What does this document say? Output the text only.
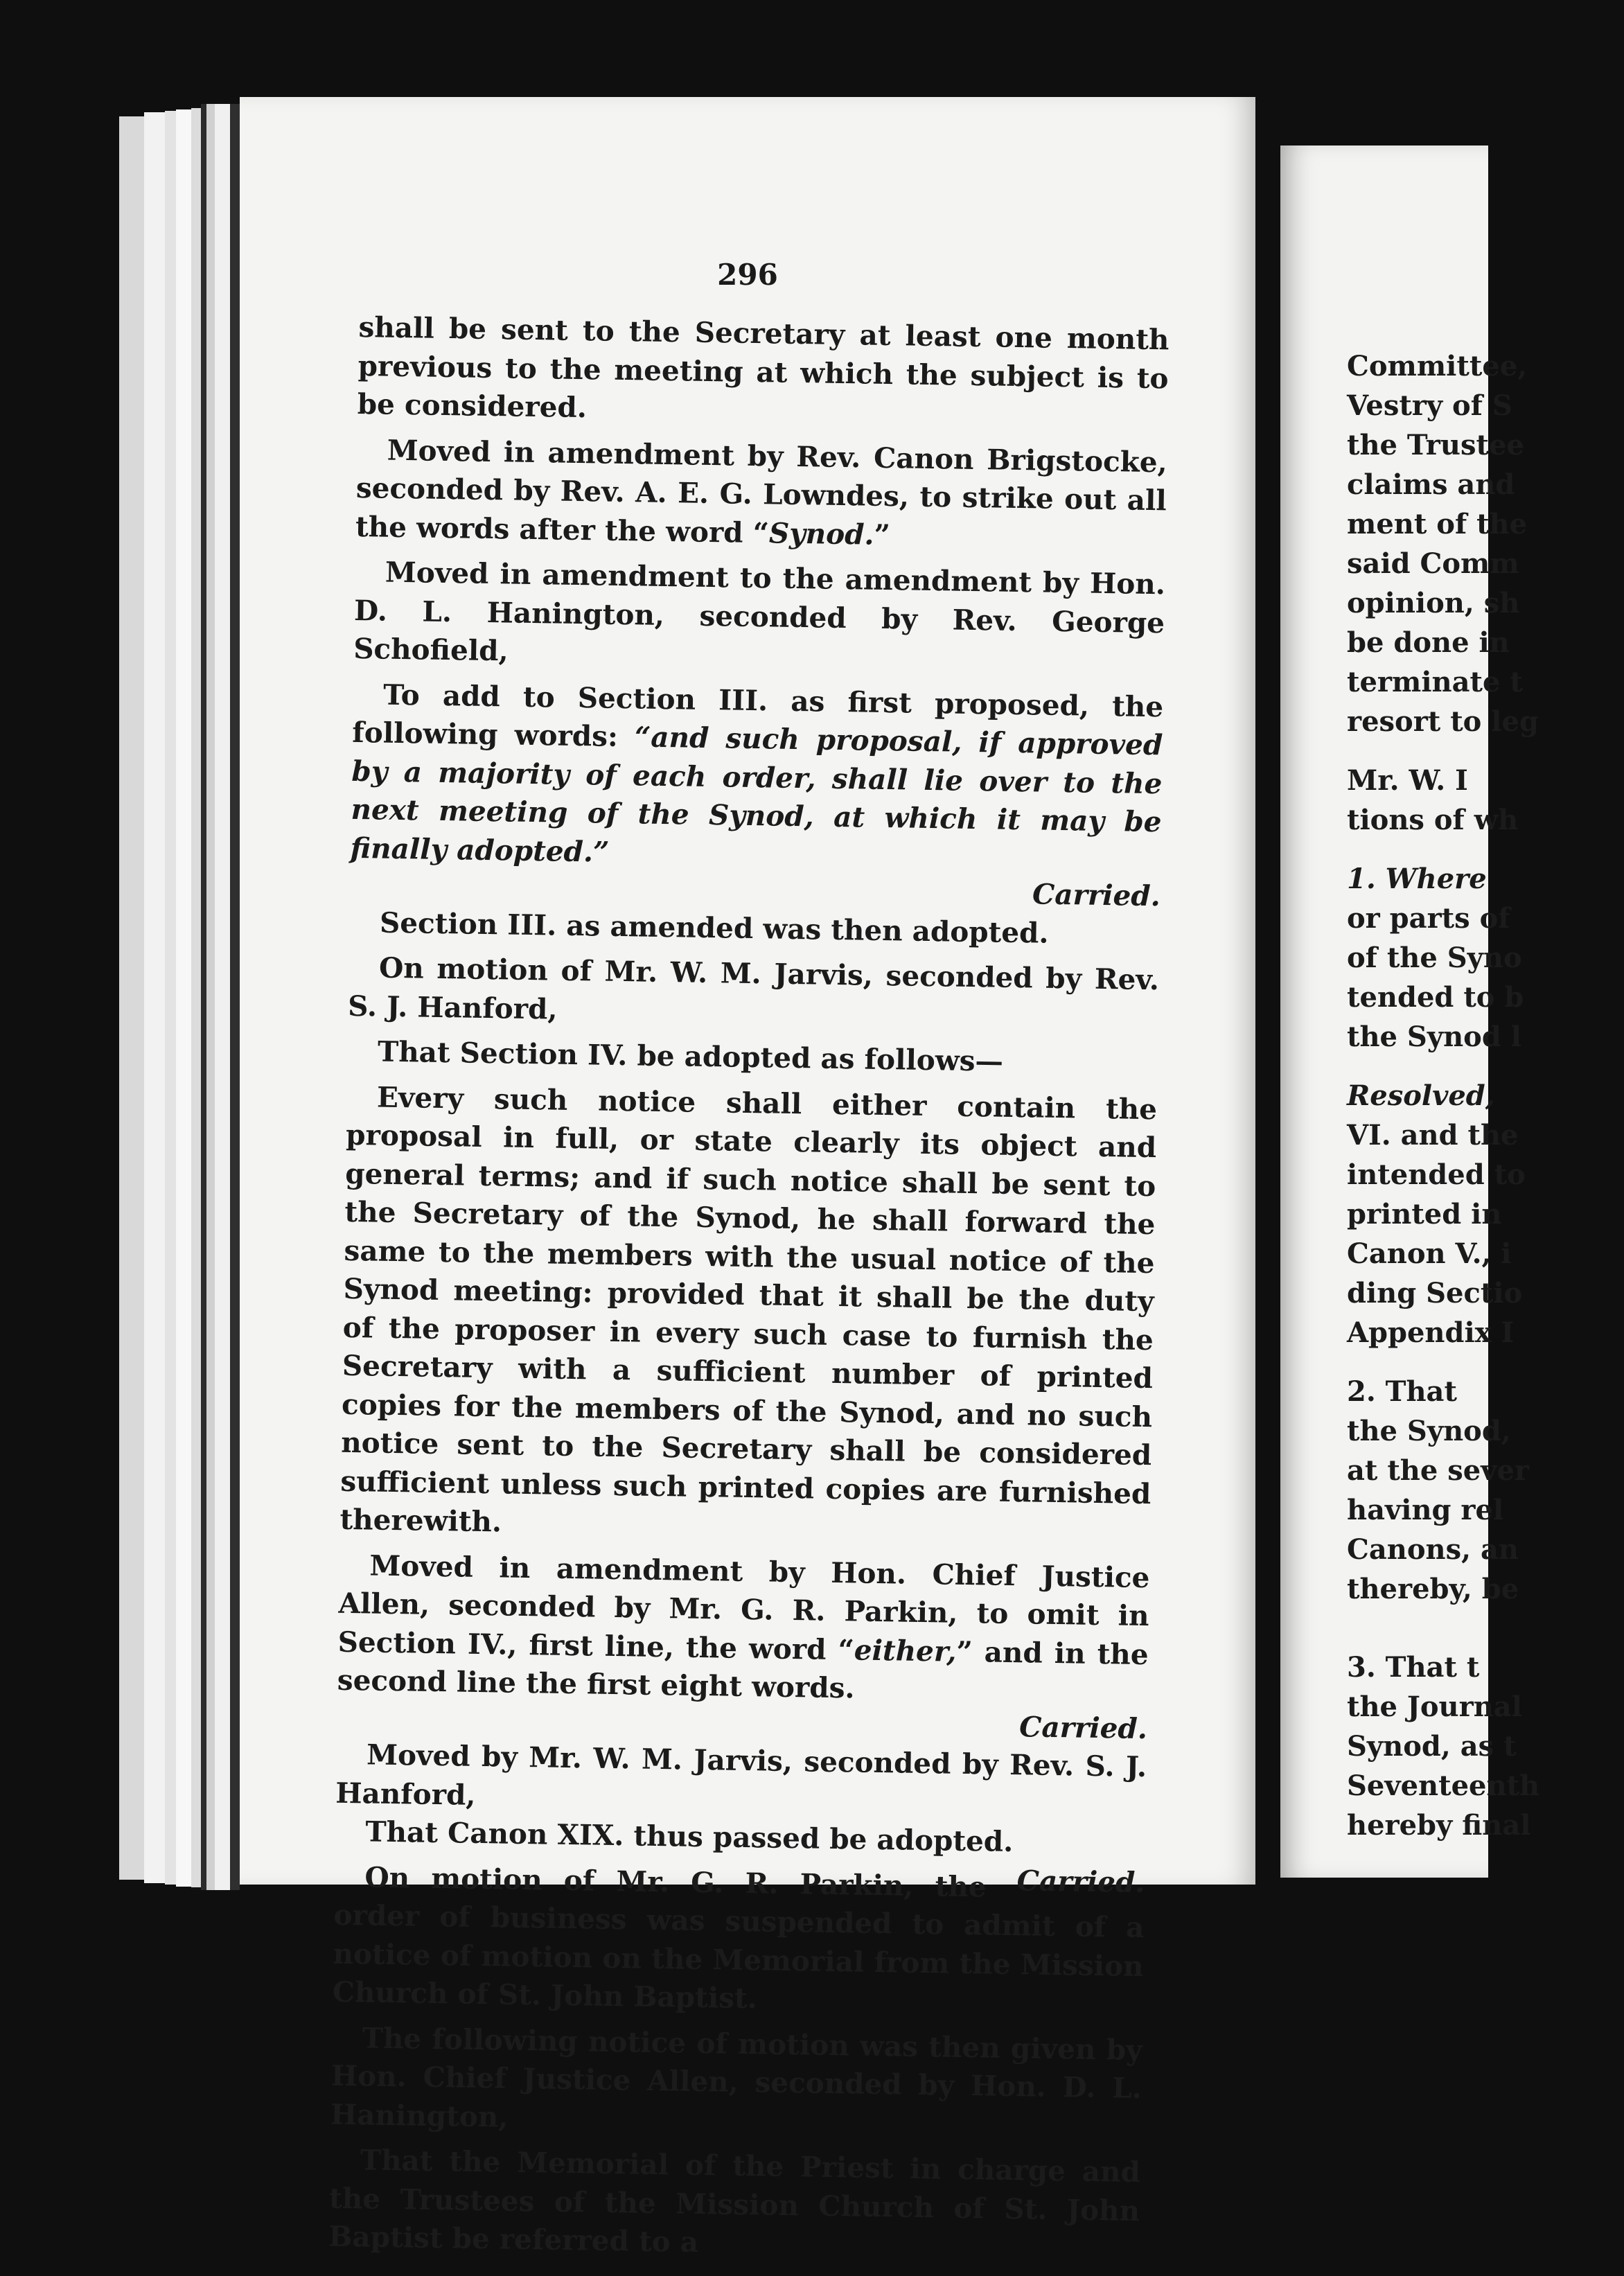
296

shall be sent to the Secretary at least one month previous to the meeting at which the subject is to be considered.

Moved in amendment by Rev. Canon Brigstocke, seconded by Rev. A. E. G. Lowndes, to strike out all the words after the word “Synod.”

Moved in amendment to the amendment by Hon. D. L. Hanington, seconded by Rev. George Schofield,

To add to Section III. as first proposed, the following words: “and such proposal, if approved by a majority of each order, shall lie over to the next meeting of the Synod, at which it may be finally adopted.”

Carried.

Section III. as amended was then adopted.

On motion of Mr. W. M. Jarvis, seconded by Rev. S. J. Hanford,

That Section IV. be adopted as follows—

Every such notice shall either contain the proposal in full, or state clearly its object and general terms; and if such notice shall be sent to the Secretary of the Synod, he shall forward the same to the members with the usual notice of the Synod meeting: provided that it shall be the duty of the proposer in every such case to furnish the Secretary with a sufficient number of printed copies for the members of the Synod, and no such notice sent to the Secretary shall be considered sufficient unless such printed copies are furnished therewith.

Moved in amendment by Hon. Chief Justice Allen, seconded by Mr. G. R. Parkin, to omit in Section IV., first line, the word “either,” and in the second line the first eight words.

Carried.

Moved by Mr. W. M. Jarvis, seconded by Rev. S. J. Hanford,

That Canon XIX. thus passed be adopted.
Carried.

On motion of Mr. G. R. Parkin, the order of business was suspended to admit of a notice of motion on the Memorial from the Mission Church of St. John Baptist.

The following notice of motion was then given by Hon. Chief Justice Allen, seconded by Hon. D. L. Hanington,

That the Memorial of the Priest in charge and the Trustees of the Mission Church of St. John Baptist be referred to a

Committee,
Vestry of S
the Trustee
claims and
ment of the
said Comm
opinion, sh
be done in
terminate t
resort to leg
Mr. W. I
tions of wh
1. Where
or parts of
of the Syno
tended to b
the Synod l
Resolved,
VI. and the
intended to
printed in
Canon V., i
ding Sectio
Appendix I
2. That
the Synod,
at the sever
having rel
Canons, an
thereby, be
3. That t
the Journal
Synod, as t
Seventeenth
hereby final
